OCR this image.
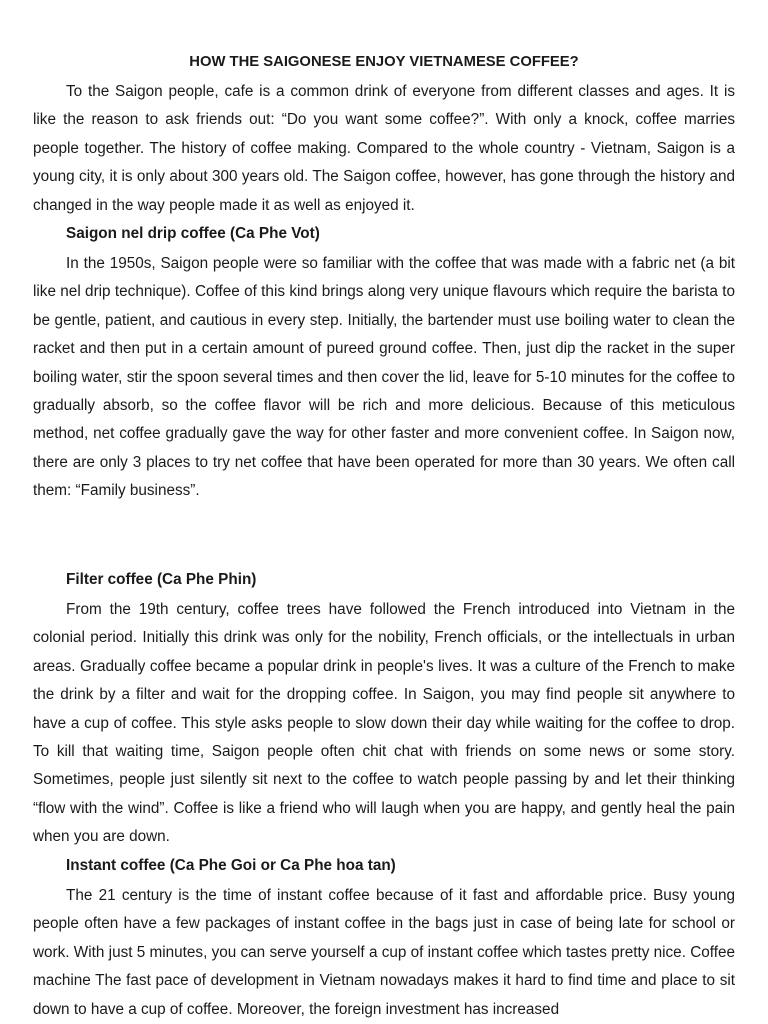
HOW THE SAIGONESE ENJOY VIETNAMESE COFFEE?

To the Saigon people, cafe is a common drink of everyone from different classes and ages. It is like the reason to ask friends out: “Do you want some coffee?”. With only a knock, coffee marries people together. The history of coffee making. Compared to the whole country - Vietnam, Saigon is a young city, it is only about 300 years old. The Saigon coffee, however, has gone through the history and changed in the way people made it as well as enjoyed it.

Saigon nel drip coffee (Ca Phe Vot)

In the 1950s, Saigon people were so familiar with the coffee that was made with a fabric net (a bit like nel drip technique). Coffee of this kind brings along very unique flavours which require the barista to be gentle, patient, and cautious in every step. Initially, the bartender must use boiling water to clean the racket and then put in a certain amount of pureed ground coffee. Then, just dip the racket in the super boiling water, stir the spoon several times and then cover the lid, leave for 5-10 minutes for the coffee to gradually absorb, so the coffee flavor will be rich and more delicious. Because of this meticulous method, net coffee gradually gave the way for other faster and more convenient coffee. In Saigon now, there are only 3 places to try net coffee that have been operated for more than 30 years. We often call them: “Family business”.

Filter coffee (Ca Phe Phin)

From the 19th century, coffee trees have followed the French introduced into Vietnam in the colonial period. Initially this drink was only for the nobility, French officials, or the intellectuals in urban areas. Gradually coffee became a popular drink in people's lives. It was a culture of the French to make the drink by a filter and wait for the dropping coffee. In Saigon, you may find people sit anywhere to have a cup of coffee. This style asks people to slow down their day while waiting for the coffee to drop. To kill that waiting time, Saigon people often chit chat with friends on some news or some story. Sometimes, people just silently sit next to the coffee to watch people passing by and let their thinking “flow with the wind”. Coffee is like a friend who will laugh when you are happy, and gently heal the pain when you are down.

Instant coffee (Ca Phe Goi or Ca Phe hoa tan)

The 21 century is the time of instant coffee because of it fast and affordable price. Busy young people often have a few packages of instant coffee in the bags just in case of being late for school or work. With just 5 minutes, you can serve yourself a cup of instant coffee which tastes pretty nice. Coffee machine The fast pace of development in Vietnam nowadays makes it hard to find time and place to sit down to have a cup of coffee. Moreover, the foreign investment has increased
